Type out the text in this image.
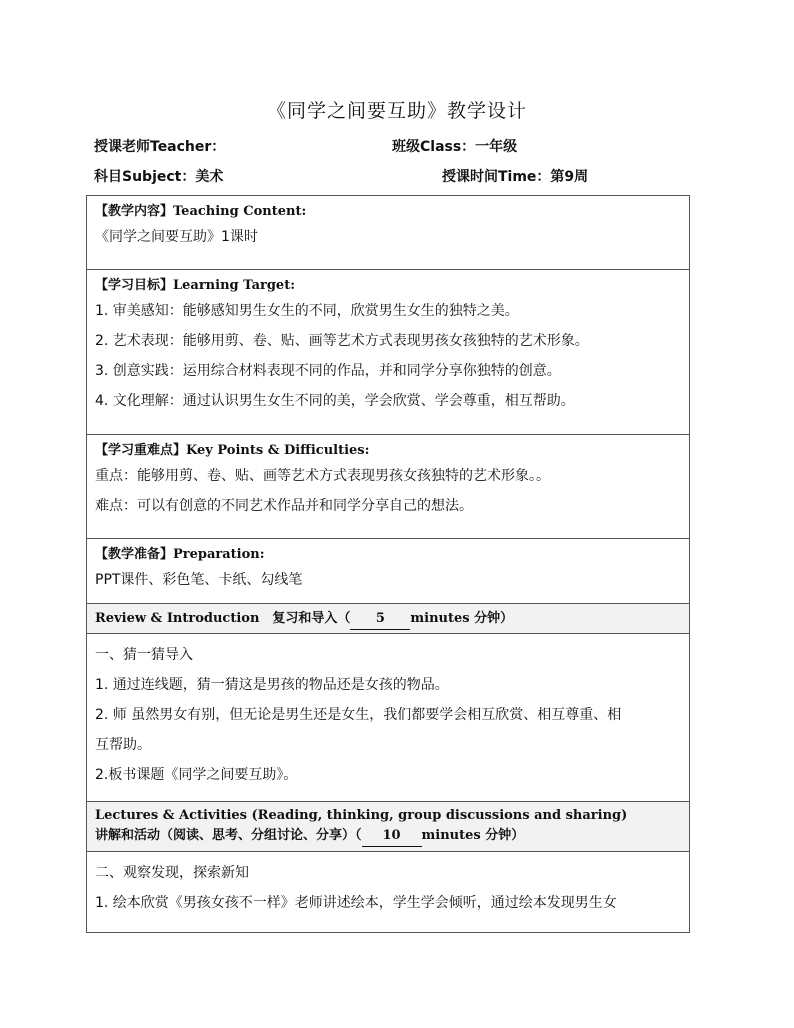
《同学之间要互助》教学设计
授课老师Teacher：	班级Class：一年级
科目Subject：美术	授课时间Time：第9周
【教学内容】Teaching Content:
《同学之间要互助》1课时
【学习目标】Learning Target:
1. 审美感知：能够感知男生女生的不同，欣赏男生女生的独特之美。
2. 艺术表现：能够用剪、卷、贴、画等艺术方式表现男孩女孩独特的艺术形象。
3. 创意实践：运用综合材料表现不同的作品，并和同学分享你独特的创意。
4. 文化理解：通过认识男生女生不同的美，学会欣赏、学会尊重，相互帮助。
【学习重难点】Key Points & Difficulties:
重点：能够用剪、卷、贴、画等艺术方式表现男孩女孩独特的艺术形象。。
难点：可以有创意的不同艺术作品并和同学分享自己的想法。
【教学准备】Preparation:
PPT课件、彩色笔、卡纸、勾线笔
Review & Introduction　复习和导入（ 5 minutes 分钟）
一、猜一猜导入
1. 通过连线题，猜一猜这是男孩的物品还是女孩的物品。
2. 师 虽然男女有别，但无论是男生还是女生，我们都要学会相互欣赏、相互尊重、相
互帮助。
2.板书课题《同学之间要互助》。
Lectures & Activities (Reading, thinking, group discussions and sharing)
讲解和活动（阅读、思考、分组讨论、分享）（ 10 minutes 分钟）
二、观察发现，探索新知
1. 绘本欣赏《男孩女孩不一样》老师讲述绘本，学生学会倾听，通过绘本发现男生女
